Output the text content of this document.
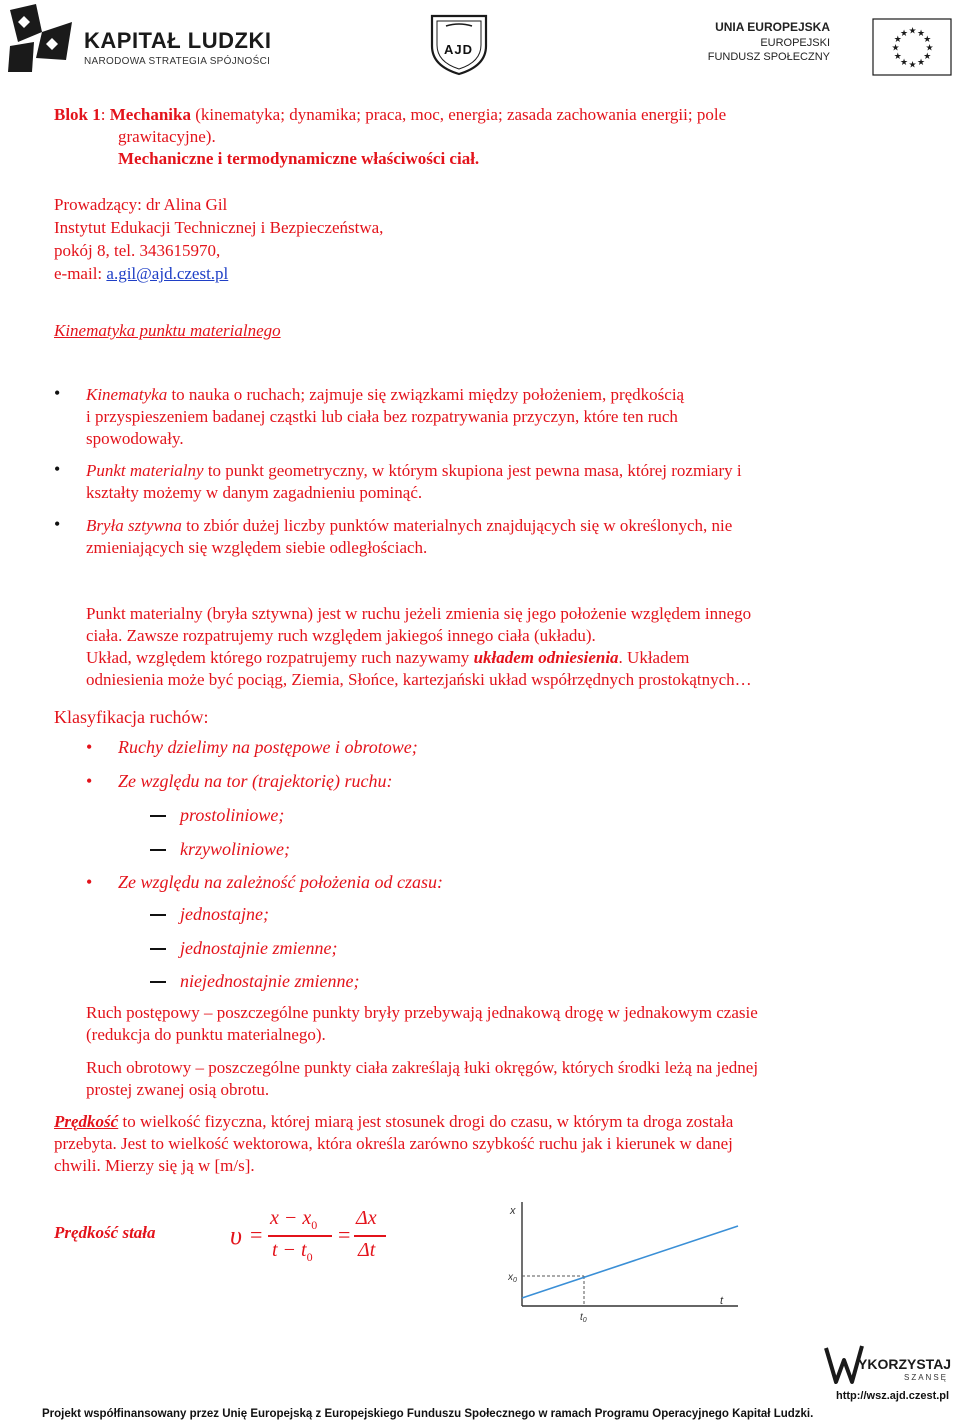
KAPITAŁ LUDZKI
NARODOWA STRATEGIA SPÓJNOŚCI
AJD
UNIA EUROPEJSKA
EUROPEJSKI
FUNDUSZ SPOŁECZNY
★ ★
★
★
★
★
★
★
★
★
★
★
Blok 1: Mechanika (kinematyka; dynamika; praca, moc, energia; zasada zachowania energii; pole
grawitacyjne).
Mechaniczne i termodynamiczne właściwości ciał.
Prowadzący: dr Alina Gil
Instytut Edukacji Technicznej i Bezpieczeństwa,
pokój 8, tel. 343615970,
e-mail: a.gil@ajd.czest.pl
Kinematyka punktu materialnego
• Kinematyka to nauka o ruchach; zajmuje się związkami między położeniem, prędkością
i przyspieszeniem badanej cząstki lub ciała bez rozpatrywania przyczyn, które ten ruch
spowodowały.
• Punkt materialny to punkt geometryczny, w którym skupiona jest pewna masa, której rozmiary i
kształty możemy w danym zagadnieniu pominąć.
• Bryła sztywna to zbiór dużej liczby punktów materialnych znajdujących się w określonych, nie
zmieniających się względem siebie odległościach.
Punkt materialny (bryła sztywna) jest w ruchu jeżeli zmienia się jego położenie względem innego
ciała. Zawsze rozpatrujemy ruch względem jakiegoś innego ciała (układu).
Układ, względem którego rozpatrujemy ruch nazywamy układem odniesienia. Układem
odniesienia może być pociąg, Ziemia, Słońce, kartezjański układ współrzędnych prostokątnych…
Klasyfikacja ruchów:
• Ruchy dzielimy na postępowe i obrotowe;
• Ze względu na tor (trajektorię) ruchu:
prostoliniowe;
krzywoliniowe;
• Ze względu na zależność położenia od czasu:
jednostajne;
jednostajnie zmienne;
niejednostajnie zmienne;
Ruch postępowy – poszczególne punkty bryły przebywają jednakową drogę w jednakowym czasie
(redukcja do punktu materialnego).
Ruch obrotowy – poszczególne punkty ciała zakreślają łuki okręgów, których środki leżą na jednej
prostej zwanej osią obrotu.
Prędkość to wielkość fizyczna, której miarą jest stosunek drogi do czasu, w którym ta droga została
przebyta. Jest to wielkość wektorowa, która określa zarówno szybkość ruchu jak i kierunek w danej
chwili. Mierzy się ją w [m/s].
Prędkość stała	υ =
$x - x_0$
$t - t_0$
=
Δx
Δt
x
t
$x_0$
$t_0$
YKORZYSTAJ
SZANSĘ
http://wsz.ajd.czest.pl
Projekt współfinansowany przez Unię Europejską z Europejskiego Funduszu Społecznego w ramach Programu Operacyjnego Kapitał Ludzki.
